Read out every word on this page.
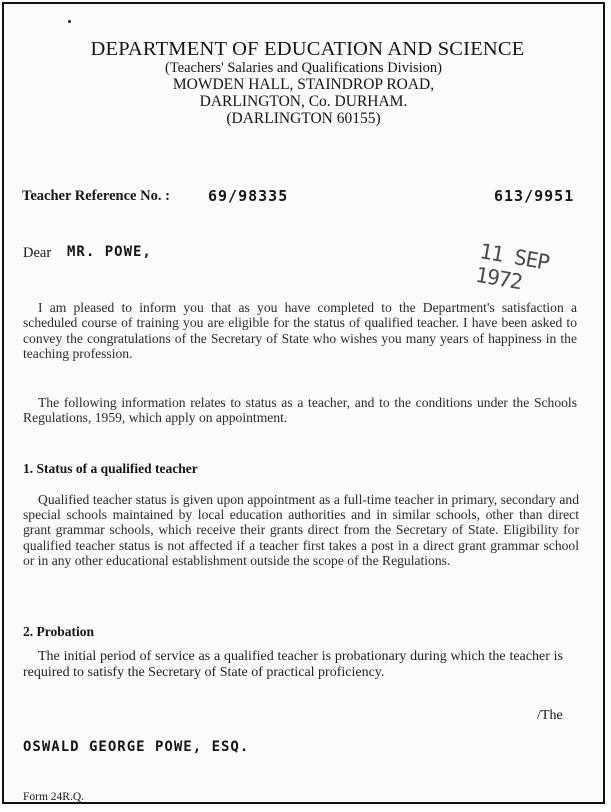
DEPARTMENT OF EDUCATION AND SCIENCE
(Teachers' Salaries and Qualifications Division)
MOWDEN HALL, STAINDROP ROAD,
DARLINGTON, Co. DURHAM.
(DARLINGTON 60155)
Teacher Reference No. :	69/98335	613/9951
Dear MR. POWE,	11 SEP 1972
I am pleased to inform you that as you have completed to the Department's satisfaction a scheduled course of training you are eligible for the status of qualified teacher. I have been asked to convey the congratulations of the Secretary of State who wishes you many years of happiness in the teaching profession.
The following information relates to status as a teacher, and to the conditions under the Schools Regulations, 1959, which apply on appointment.
1. Status of a qualified teacher
Qualified teacher status is given upon appointment as a full-time teacher in primary, secondary and special schools maintained by local education authorities and in similar schools, other than direct grant grammar schools, which receive their grants direct from the Secretary of State. Eligibility for qualified teacher status is not affected if a teacher first takes a post in a direct grant grammar school or in any other educational establishment outside the scope of the Regulations.
2. Probation
The initial period of service as a qualified teacher is probationary during which the teacher is required to satisfy the Secretary of State of practical proficiency.
/The
OSWALD GEORGE POWE, ESQ.
Form 24R.Q.
